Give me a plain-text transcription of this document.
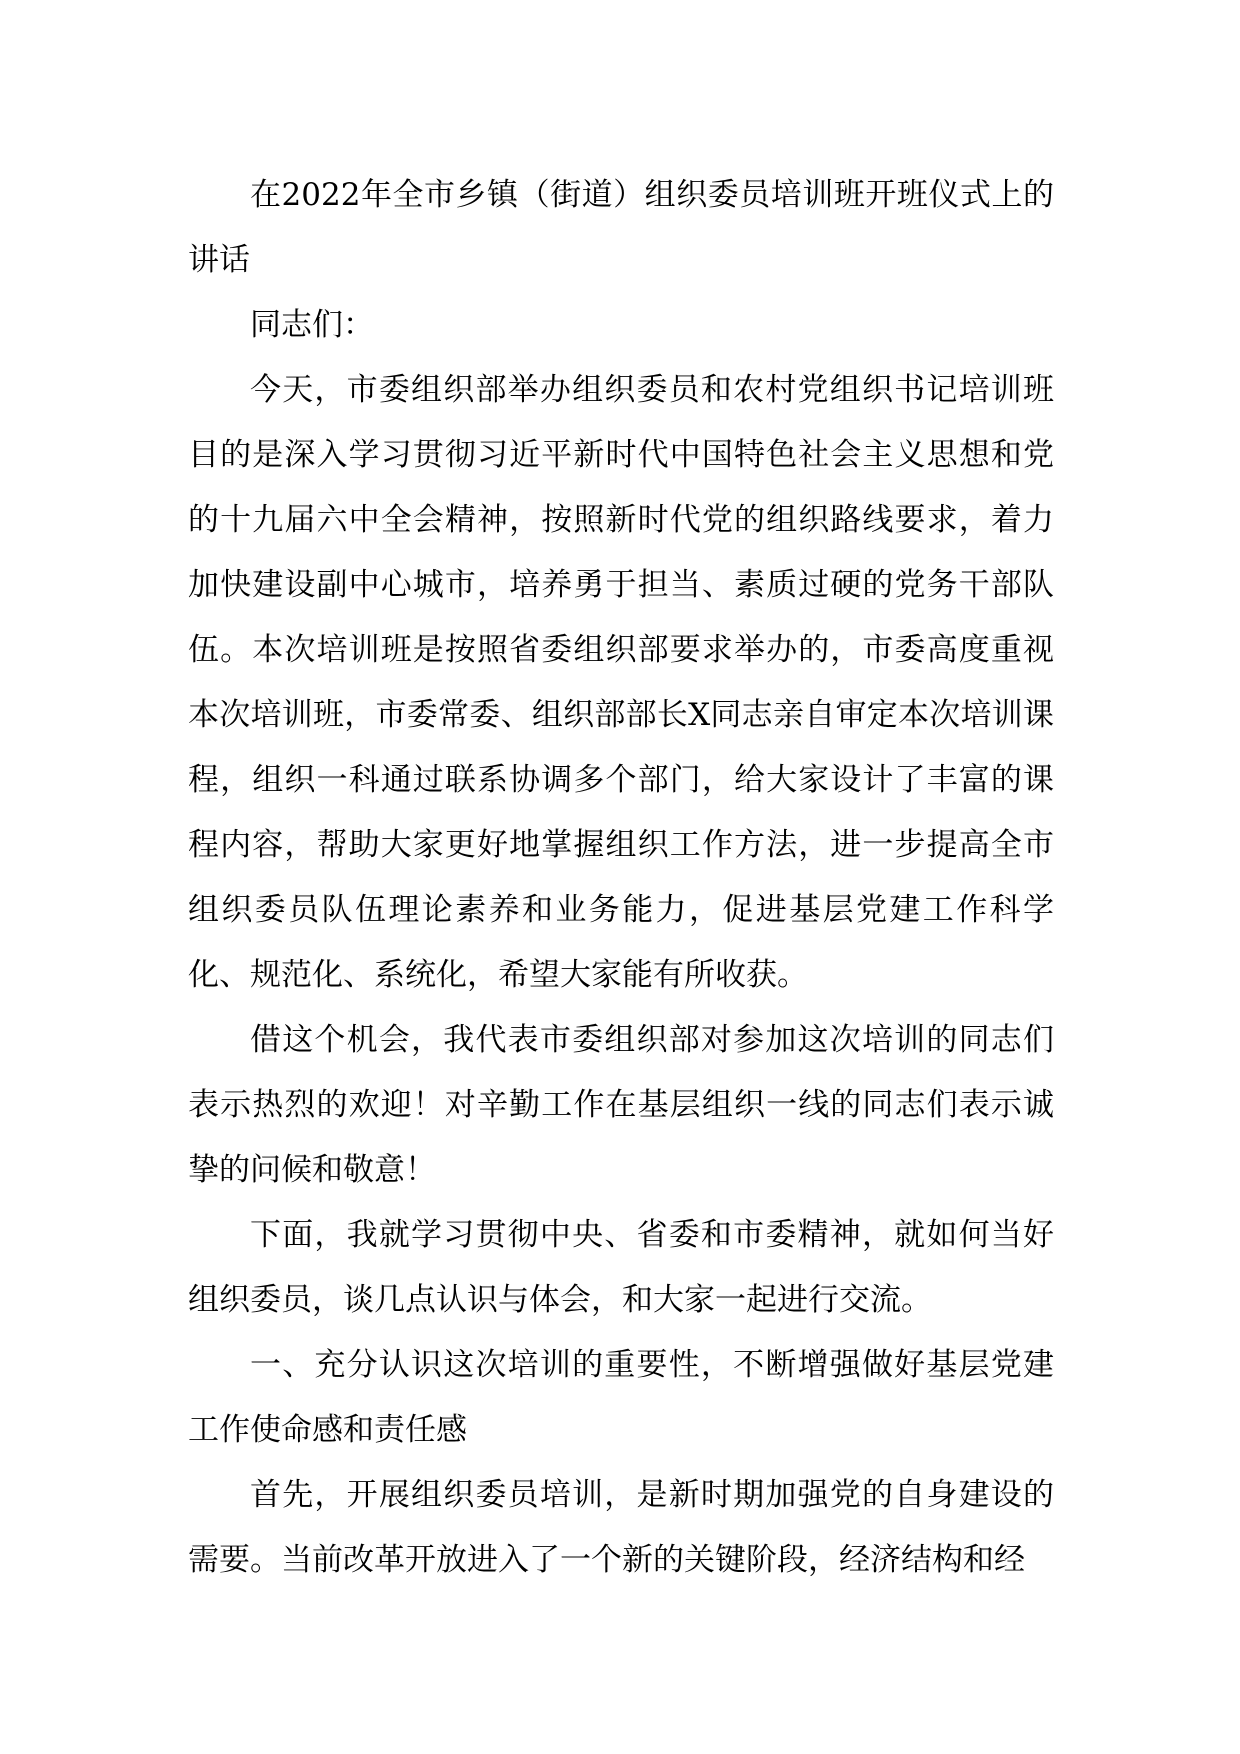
在2022年全市乡镇（街道）组织委员培训班开班仪式上的讲话

同志们：

今天，市委组织部举办组织委员和农村党组织书记培训班目的是深入学习贯彻习近平新时代中国特色社会主义思想和党的十九届六中全会精神，按照新时代党的组织路线要求，着力加快建设副中心城市，培养勇于担当、素质过硬的党务干部队伍。本次培训班是按照省委组织部要求举办的，市委高度重视本次培训班，市委常委、组织部部长X同志亲自审定本次培训课程，组织一科通过联系协调多个部门，给大家设计了丰富的课程内容，帮助大家更好地掌握组织工作方法，进一步提高全市组织委员队伍理论素养和业务能力，促进基层党建工作科学化、规范化、系统化，希望大家能有所收获。

借这个机会，我代表市委组织部对参加这次培训的同志们表示热烈的欢迎！对辛勤工作在基层组织一线的同志们表示诚挚的问候和敬意！

下面，我就学习贯彻中央、省委和市委精神，就如何当好组织委员，谈几点认识与体会，和大家一起进行交流。

一、充分认识这次培训的重要性，不断增强做好基层党建工作使命感和责任感

首先，开展组织委员培训，是新时期加强党的自身建设的需要。当前改革开放进入了一个新的关键阶段，经济结构和经
